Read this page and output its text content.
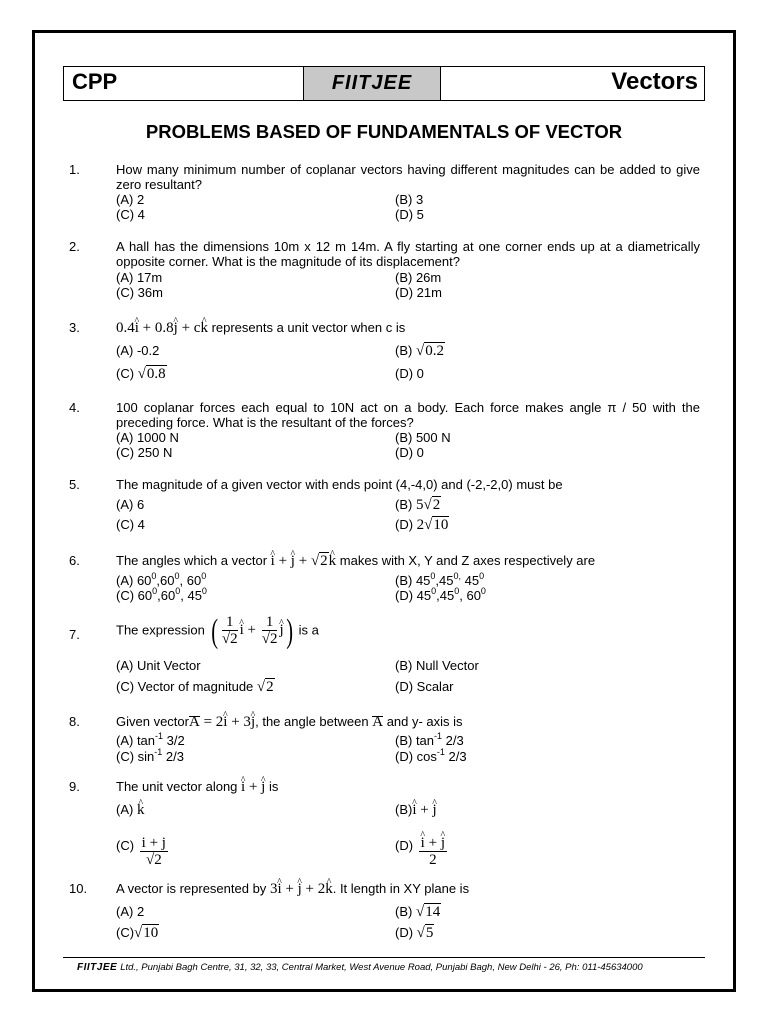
CPP	FIITJEE	Vectors
PROBLEMS BASED OF FUNDAMENTALS OF VECTOR
1.	How many minimum number of coplanar vectors having different magnitudes can be added to give zero resultant?
(A) 2	(B) 3
(C) 4	(D) 5
2.	A hall has the dimensions 10m x 12 m 14m. A fly starting at one corner ends up at a diametrically opposite corner. What is the magnitude of its displacement?
(A) 17m	(B) 26m
(C) 36m	(D) 21m
3. 0.4^ i + 0.8^ j + c^ k represents a unit vector when c is
(A) -0.2	(B) √0.2
(C) √0.8	(D) 0
4.	100 coplanar forces each equal to 10N act on a body. Each force makes angle π / 50 with the preceding force. What is the resultant of the forces?
(A) 1000 N	(B) 500 N
(C) 250 N	(D) 0
5.	The magnitude of a given vector with ends point (4,-4,0) and (-2,-2,0) must be
(A) 6	(B) 5√2
(C) 4	(D) 2√10
6.	The angles which a vector ^ i + ^ j + √2^ k makes with X, Y and Z axes respectively are
(A) $60^0,60^0$, $60^0$	(B) $45^0,45^{0,}$ $45^0$
(C) $60^0,60^0$, $45^0$	(D) $45^0,45^0$, $60^0$
7.	The expression ( $\frac{1}{√2}$ ^ $i + \frac{1}{√2}$ ^ j) is a
(A) Unit Vector	(B) Null Vector
(C) Vector of magnitude √2	(D) Scalar
8.	Given vectorA = 2^ i + 3^ j, the angle between A and y- axis is
(A) $\tan^{-1} 3/2$	(B) $\tan^{-1} 2/3$
(C) $\sin^{-1} 2/3$	(D) $\cos^{-1} 2/3$
9.	The unit vector along ^ i + ^ j is
(A) ^ k	(B)^ i + ^ j
$(C) \frac{i + j}{√2}$	(D) ^ $\frac{i + \^{} j}{2}$
10. A vector is represented by 3^ i + ^ j + 2^ k. It length in XY plane is
(A) 2	(B) √14
(C)√10	(D) √5
FIITJEE Ltd., Punjabi Bagh Centre, 31, 32, 33, Central Market, West Avenue Road, Punjabi Bagh, New Delhi - 26, Ph: 011-45634000
